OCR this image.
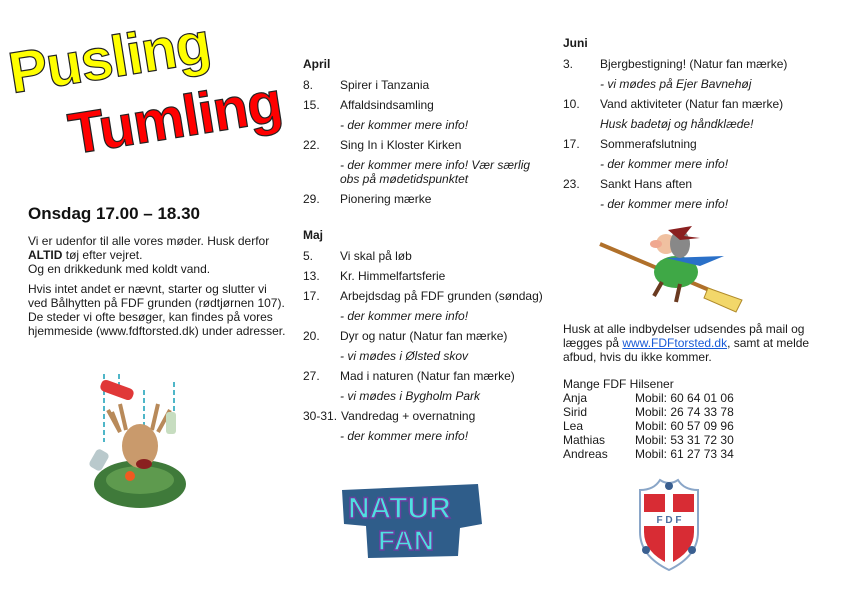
Pusling
Tumling
Onsdag 17.00 – 18.30

Vi er udenfor til alle vores møder. Husk derfor ALTID tøj efter vejret.
Og en drikkedunk med koldt vand.

Hvis intet andet er nævnt, starter og slutter vi ved Bålhytten på FDF grunden (rødtjørnen 107). De steder vi ofte besøger, kan findes på vores hjemmeside (www.fdftorsted.dk) under adresser.

April
8.	Spirer i Tanzania
15.	Affaldsindsamling
- der kommer mere info!
22.	Sing In i Kloster Kirken
- der kommer mere info! Vær særlig obs på mødetidspunktet
29.	Pionering mærke
Maj
5.	Vi skal på løb
13.	Kr. Himmelfartsferie
17.	Arbejdsdag på FDF grunden (søndag)
- der kommer mere info!
20.	Dyr og natur (Natur fan mærke)
- vi mødes i Ølsted skov
27.	Mad i naturen (Natur fan mærke)
- vi mødes i Bygholm Park
30-31. Vandredag + overnatning
- der kommer mere info!
NATUR
FAN
Juni
3.	Bjergbestigning! (Natur fan mærke)
- vi mødes på Ejer Bavnehøj
10.	Vand aktiviteter (Natur fan mærke)
Husk badetøj og håndklæde!
17.	Sommerafslutning
- der kommer mere info!
23.	Sankt Hans aften
- der kommer mere info!
Husk at alle indbydelser udsendes på mail og lægges på www.FDFtorsted.dk, samt at melde afbud, hvis du ikke kommer.
Mange FDF Hilsener
Anja	Mobil: 60 64 01 06
Sirid	Mobil: 26 74 33 78
Lea	Mobil: 60 57 09 96
Mathias	Mobil: 53 31 72 30
Andreas	Mobil: 61 27 73 34
F D F
